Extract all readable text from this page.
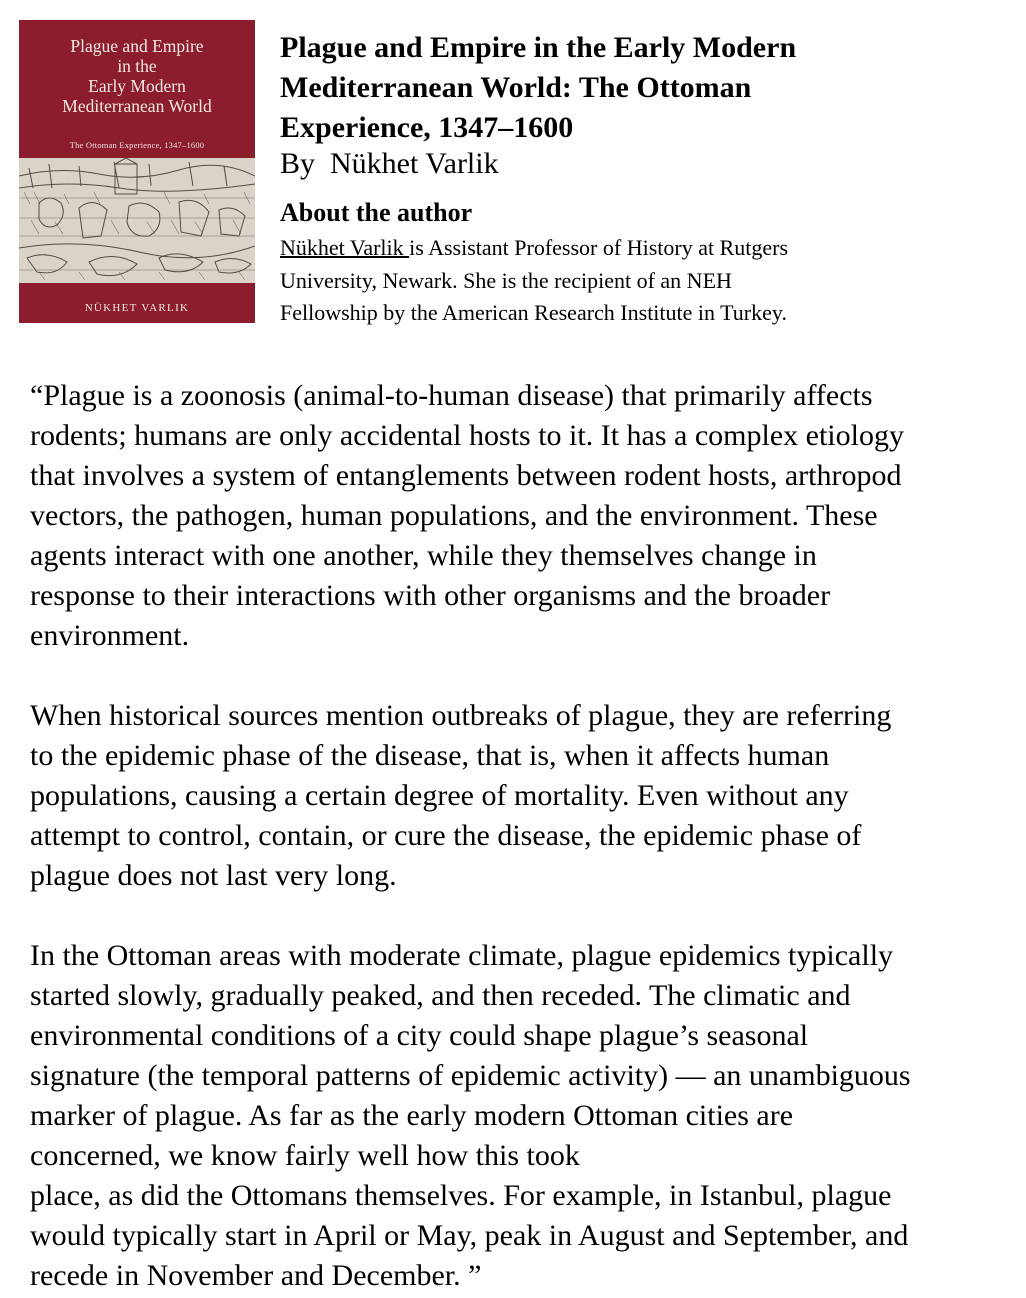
Plague and Empire
in the
Early Modern
Mediterranean World
The Ottoman Experience, 1347–1600
NÜKHET VARLIK
Plague and Empire in the Early Modern
Mediterranean World: The Ottoman
Experience, 1347–1600
By  Nükhet Varlik
About the author
Nükhet Varlik is Assistant Professor of History at Rutgers
University, Newark. She is the recipient of an NEH
Fellowship by the American Research Institute in Turkey.

“Plague is a zoonosis (animal-to-human disease) that primarily affects
rodents; humans are only accidental hosts to it. It has a complex etiology
that involves a system of entanglements between rodent hosts, arthropod
vectors, the pathogen, human populations, and the environment. These
agents interact with one another, while they themselves change in
response to their interactions with other organisms and the broader
environment.

When historical sources mention outbreaks of plague, they are referring
to the epidemic phase of the disease, that is, when it affects human
populations, causing a certain degree of mortality. Even without any
attempt to control, contain, or cure the disease, the epidemic phase of
plague does not last very long.

In the Ottoman areas with moderate climate, plague epidemics typically
started slowly, gradually peaked, and then receded. The climatic and
environmental conditions of a city could shape plague’s seasonal
signature (the temporal patterns of epidemic activity) — an unambiguous
marker of plague. As far as the early modern Ottoman cities are
concerned, we know fairly well how this took
place, as did the Ottomans themselves. For example, in Istanbul, plague
would typically start in April or May, peak in August and September, and
recede in November and December. ”
